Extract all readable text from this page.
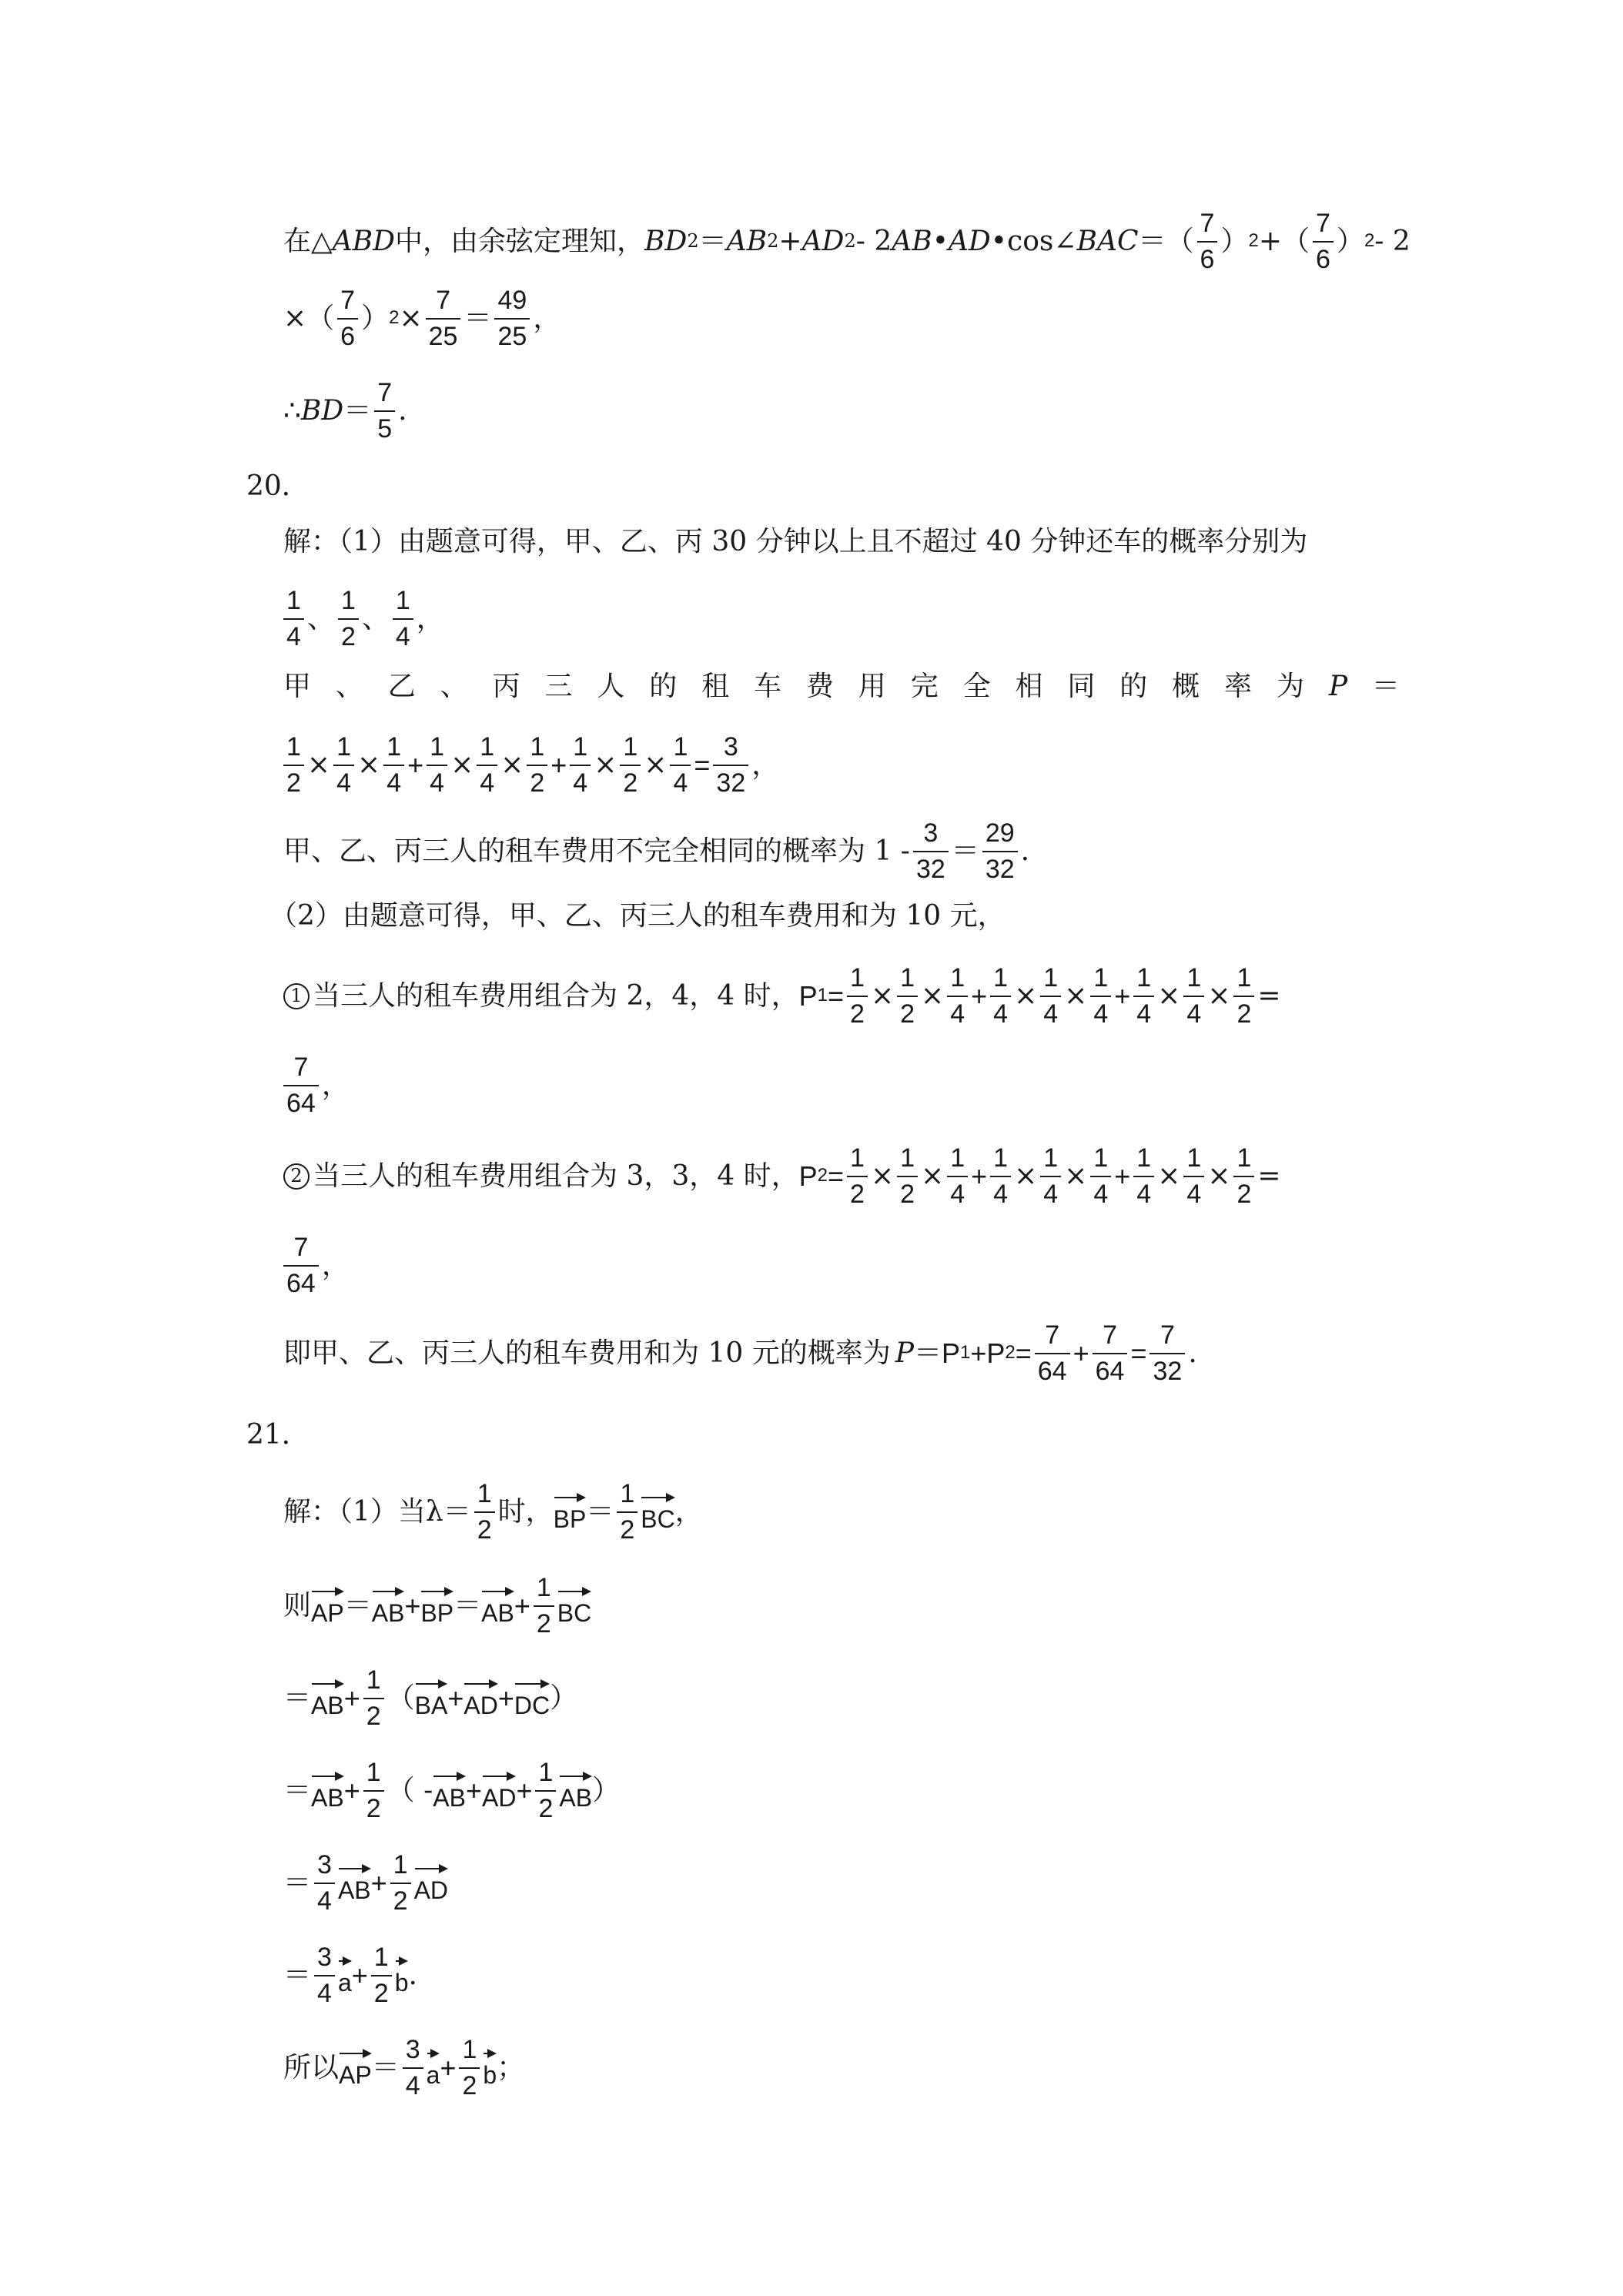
在△ ABD 中，由余弦定理知， BD 2 ＝ AB 2 + AD 2 - 2 AB • AD •cos∠ BAC ＝（ $\frac{7}{6}$ ） 2 +（ $\frac{7}{6}$ ） 2 - 2
×（ $\frac{7}{6}$ ） $2 \times \frac{7}{25} = \frac{49}{25}$ ，
∴ BD ＝ $\frac{7}{5}$ .
20．
解：（1）由题意可得，甲、乙、丙 30 分钟以上且不超过 40 分钟还车的概率分别为
$\frac{1}{4}$ 、 $\frac{1}{2}$ 、 $\frac{1}{4}$ ，
甲 、 乙 、 丙 三 人 的 租 车 费 用 完 全 相 同 的 概 率 为 P ＝
$\frac{1}{2} \times \frac{1}{4} \times \frac{1}{4} + \frac{1}{4} \times \frac{1}{4} \times \frac{1}{2} + \frac{1}{4} \times \frac{1}{2} \times \frac{1}{4} = \frac{3}{32}$ ，
甲、乙、丙三人的租车费用不完全相同的概率为 $1 - \frac{3}{32} = \frac{29}{32}$ .
（2）由题意可得，甲、乙、丙三人的租车费用和为 10 元，
1 当三人的租车费用组合为 2，4，4 时， P $1 = \frac{1}{2} \times \frac{1}{2} \times \frac{1}{4} + \frac{1}{4} \times \frac{1}{4} \times \frac{1}{4} + \frac{1}{4} \times \frac{1}{4} \times \frac{1}{2}$ =
$\frac{7}{64}$ ，
2 当三人的租车费用组合为 3，3，4 时， P $2 = \frac{1}{2} \times \frac{1}{2} \times \frac{1}{4} + \frac{1}{4} \times \frac{1}{4} \times \frac{1}{4} + \frac{1}{4} \times \frac{1}{4} \times \frac{1}{2}$ =
$\frac{7}{64}$ ，
即甲、乙、丙三人的租车费用和为 10 元的概率为 P ＝ P 1 + P $2 = \frac{7}{64} + \frac{7}{64} = \frac{7}{32}$ .
21．
解：（1）当$\lambda= \frac{1}{2}$ 时， BP ＝ $\frac{1}{2}$ BC ，
则 AP ＝ AB + BP ＝ AB + $\frac{1}{2}$ BC
＝ AB + $\frac{1}{2}$ （ BA + AD + DC ）
＝ AB + $\frac{1}{2}$ （ - AB + AD + $\frac{1}{2}$ AB ）
＝ $\frac{3}{4}$ AB + $\frac{1}{2}$ AD
＝ $\frac{3}{4}$ $a + \frac{1}{2}$ b .
所以 AP ＝ $\frac{3}{4}$ $a + \frac{1}{2}$ b ；
